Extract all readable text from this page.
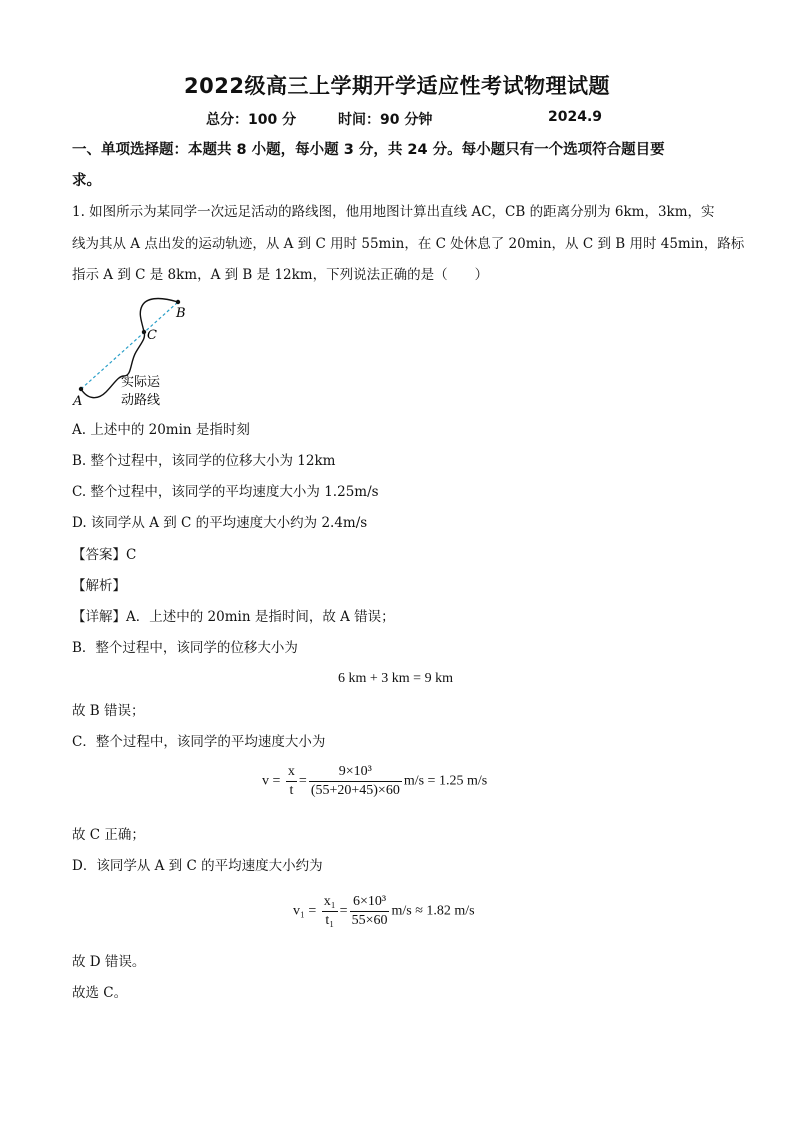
2022级高三上学期开学适应性考试物理试题
总分：100 分	时间：90 分钟	2024.9
一、单项选择题：本题共 8 小题，每小题 3 分，共 24 分。每小题只有一个选项符合题目要
求。
1. 如图所示为某同学一次远足活动的路线图，他用地图计算出直线 AC，CB 的距离分别为 6km，3km，实
线为其从 A 点出发的运动轨迹，从 A 到 C 用时 55min，在 C 处休息了 20min，从 C 到 B 用时 45min，路标
指示 A 到 C 是 8km，A 到 B 是 12km，下列说法正确的是（　　）
B
C
A
实际运
动路线
A. 上述中的 20min 是指时刻
B. 整个过程中，该同学的位移大小为 12km
C. 整个过程中，该同学的平均速度大小为 1.25m/s
D. 该同学从 A 到 C 的平均速度大小约为 2.4m/s
【答案】C
【解析】
【详解】A．上述中的 20min 是指时间，故 A 错误；
B．整个过程中，该同学的位移大小为
6 km + 3 km = 9 km
故 B 错误；
C．整个过程中，该同学的平均速度大小为
$v = \frac{x}{t} = \frac{\text{9×10³}}{(55+20+45)\times 60} m/s = 1.25$ m/s
故 C 正确；
D．该同学从 A 到 C 的平均速度大小约为
$v_1 = \frac{\text{x₁}}{\text{t₁}} = \frac{\text{6×10³}}{55\times 60} m/s \approx 1.82$ m/s
故 D 错误。
故选 C。
